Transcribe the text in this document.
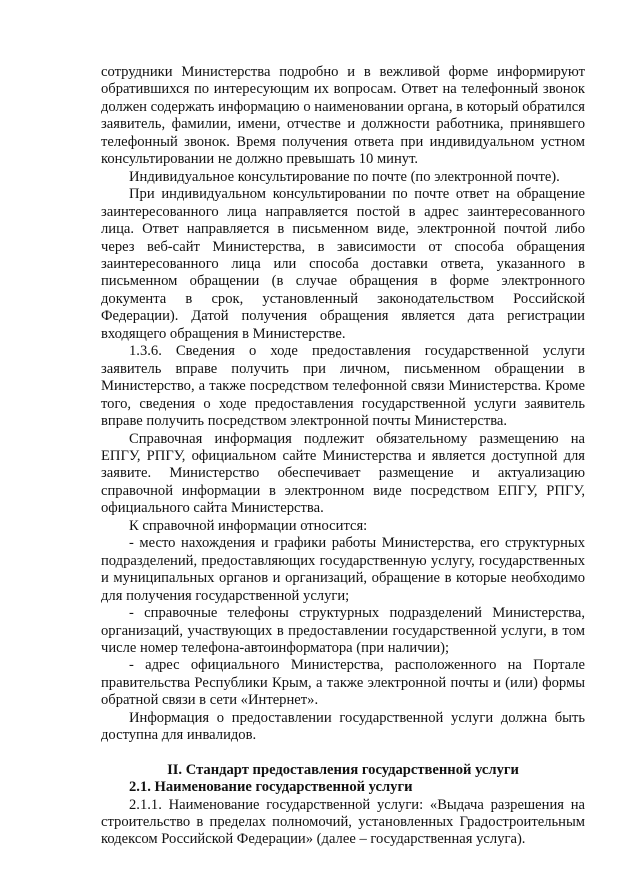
сотрудники Министерства подробно и в вежливой форме информируют обратившихся по интересующим их вопросам. Ответ на телефонный звонок должен содержать информацию о наименовании органа, в который обратился заявитель, фамилии, имени, отчестве и должности работника, принявшего телефонный звонок. Время получения ответа при индивидуальном устном консультировании не должно превышать 10 минут.

Индивидуальное консультирование по почте (по электронной почте).

При индивидуальном консультировании по почте ответ на обращение заинтересованного лица направляется постой в адрес заинтересованного лица. Ответ направляется в письменном виде, электронной почтой либо через веб-сайт Министерства, в зависимости от способа обращения заинтересованного лица или способа доставки ответа, указанного в письменном обращении (в случае обращения в форме электронного документа в срок, установленный законодательством Российской Федерации). Датой получения обращения является дата регистрации входящего обращения в Министерстве.

1.3.6. Сведения о ходе предоставления государственной услуги заявитель вправе получить при личном, письменном обращении в Министерство, а также посредством телефонной связи Министерства. Кроме того, сведения о ходе предоставления государственной услуги заявитель вправе получить посредством электронной почты Министерства.

Справочная информация подлежит обязательному размещению на ЕПГУ, РПГУ, официальном сайте Министерства и является доступной для заявите. Министерство обеспечивает размещение и актуализацию справочной информации в электронном виде посредством ЕПГУ, РПГУ, официального сайта Министерства.

К справочной информации относится:

- место нахождения и графики работы Министерства, его структурных подразделений, предоставляющих государственную услугу, государственных и муниципальных органов и организаций, обращение в которые необходимо для получения государственной услуги;

- справочные телефоны структурных подразделений Министерства, организаций, участвующих в предоставлении государственной услуги, в том числе номер телефона-автоинформатора (при наличии);

- адрес официального Министерства, расположенного на Портале правительства Республики Крым, а также электронной почты и (или) формы обратной связи в сети «Интернет».

Информация о предоставлении государственной услуги должна быть доступна для инвалидов.

II. Стандарт предоставления государственной услуги

2.1. Наименование государственной услуги

2.1.1. Наименование государственной услуги: «Выдача разрешения на строительство в пределах полномочий, установленных Градостроительным кодексом Российской Федерации» (далее – государственная услуга).
